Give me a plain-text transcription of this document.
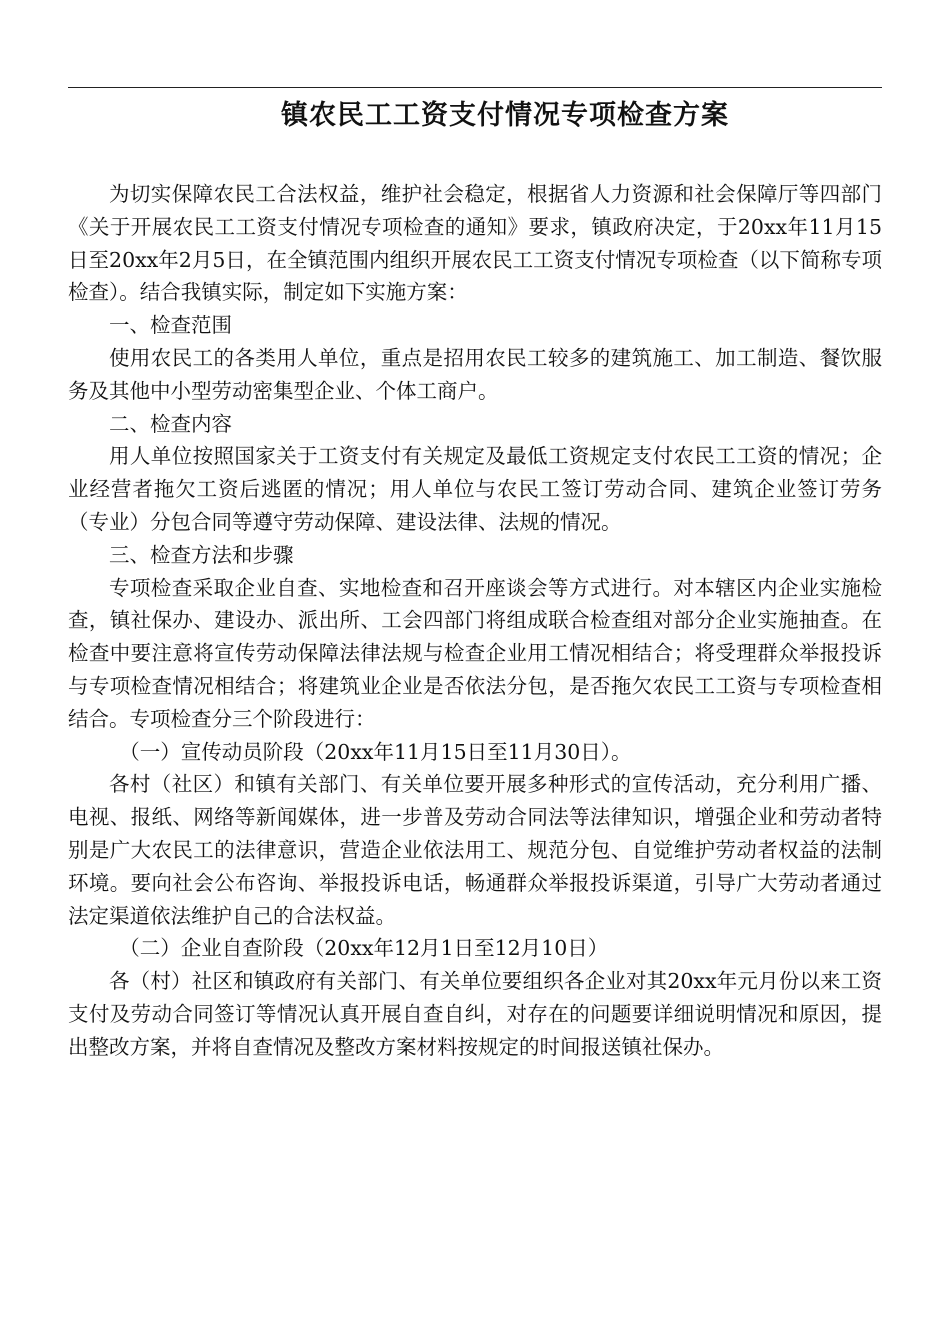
镇农民工工资支付情况专项检查方案

为切实保障农民工合法权益，维护社会稳定，根据省人力资源和社会保障厅等四部门《关于开展农民工工资支付情况专项检查的通知》要求，镇政府决定，于20xx年11月15日至20xx年2月5日，在全镇范围内组织开展农民工工资支付情况专项检查（以下简称专项检查）。结合我镇实际，制定如下实施方案：

一、检查范围

使用农民工的各类用人单位，重点是招用农民工较多的建筑施工、加工制造、餐饮服务及其他中小型劳动密集型企业、个体工商户。

二、检查内容

用人单位按照国家关于工资支付有关规定及最低工资规定支付农民工工资的情况；企业经营者拖欠工资后逃匿的情况；用人单位与农民工签订劳动合同、建筑企业签订劳务（专业）分包合同等遵守劳动保障、建设法律、法规的情况。

三、检查方法和步骤

专项检查采取企业自查、实地检查和召开座谈会等方式进行。对本辖区内企业实施检查，镇社保办、建设办、派出所、工会四部门将组成联合检查组对部分企业实施抽查。在检查中要注意将宣传劳动保障法律法规与检查企业用工情况相结合；将受理群众举报投诉与专项检查情况相结合；将建筑业企业是否依法分包，是否拖欠农民工工资与专项检查相结合。专项检查分三个阶段进行：

（一）宣传动员阶段（20xx年11月15日至11月30日）。

各村（社区）和镇有关部门、有关单位要开展多种形式的宣传活动，充分利用广播、电视、报纸、网络等新闻媒体，进一步普及劳动合同法等法律知识，增强企业和劳动者特别是广大农民工的法律意识，营造企业依法用工、规范分包、自觉维护劳动者权益的法制环境。要向社会公布咨询、举报投诉电话，畅通群众举报投诉渠道，引导广大劳动者通过法定渠道依法维护自己的合法权益。

（二）企业自查阶段（20xx年12月1日至12月10日）

各（村）社区和镇政府有关部门、有关单位要组织各企业对其20xx年元月份以来工资支付及劳动合同签订等情况认真开展自查自纠，对存在的问题要详细说明情况和原因，提出整改方案，并将自查情况及整改方案材料按规定的时间报送镇社保办。
